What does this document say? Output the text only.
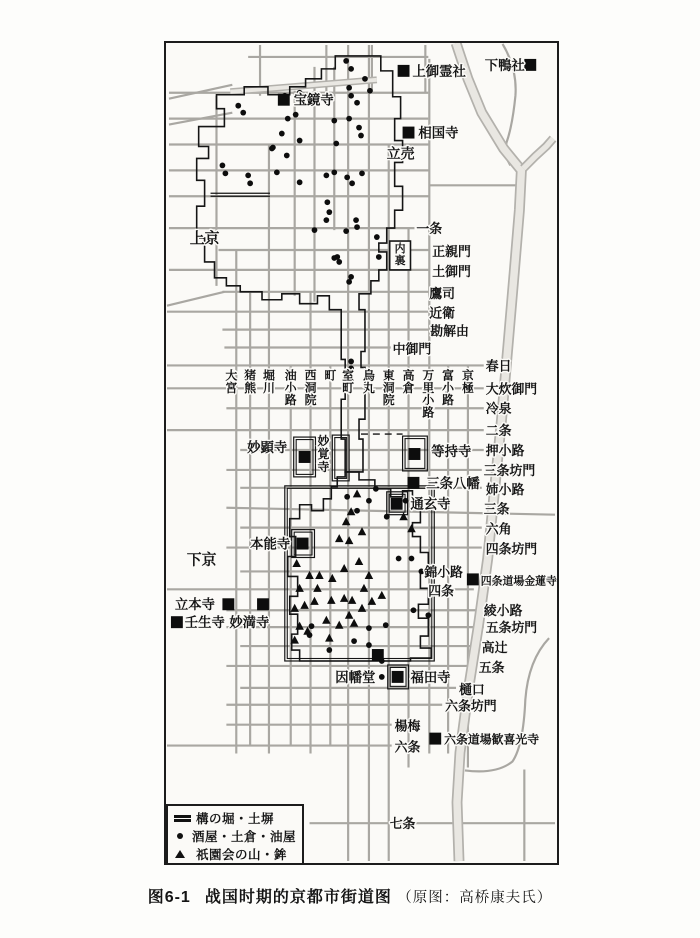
内裏
一条
正親門
土御門
鷹司
近衛
勘解由
中御門
春日
大炊御門
冷泉
二条
押小路
三条坊門
姉小路
三条
六角
四条坊門
錦小路
四条
綾小路
五条坊門
高辻
五条
樋口
六条坊門
楊梅
六条
七条
大宮
猪熊
堀川
油小路
西洞院
町 室町
烏丸
東洞院
高倉
万里小路
富小路
京極
上御霊社 下鴨社
宝鏡寺
相国寺
妙顕寺	妙覚寺
等持寺
三条八幡
通玄寺
本能寺
立本寺
壬生寺 妙満寺
四条道場金蓮寺
因幡堂	福田寺
六条道場歓喜光寺
上京
下京
立売
構の堀・土塀
酒屋・土倉・油屋
祇園会の山・鉾
图6-1 战国时期的京都市街道图 （原图：高桥康夫氏）
